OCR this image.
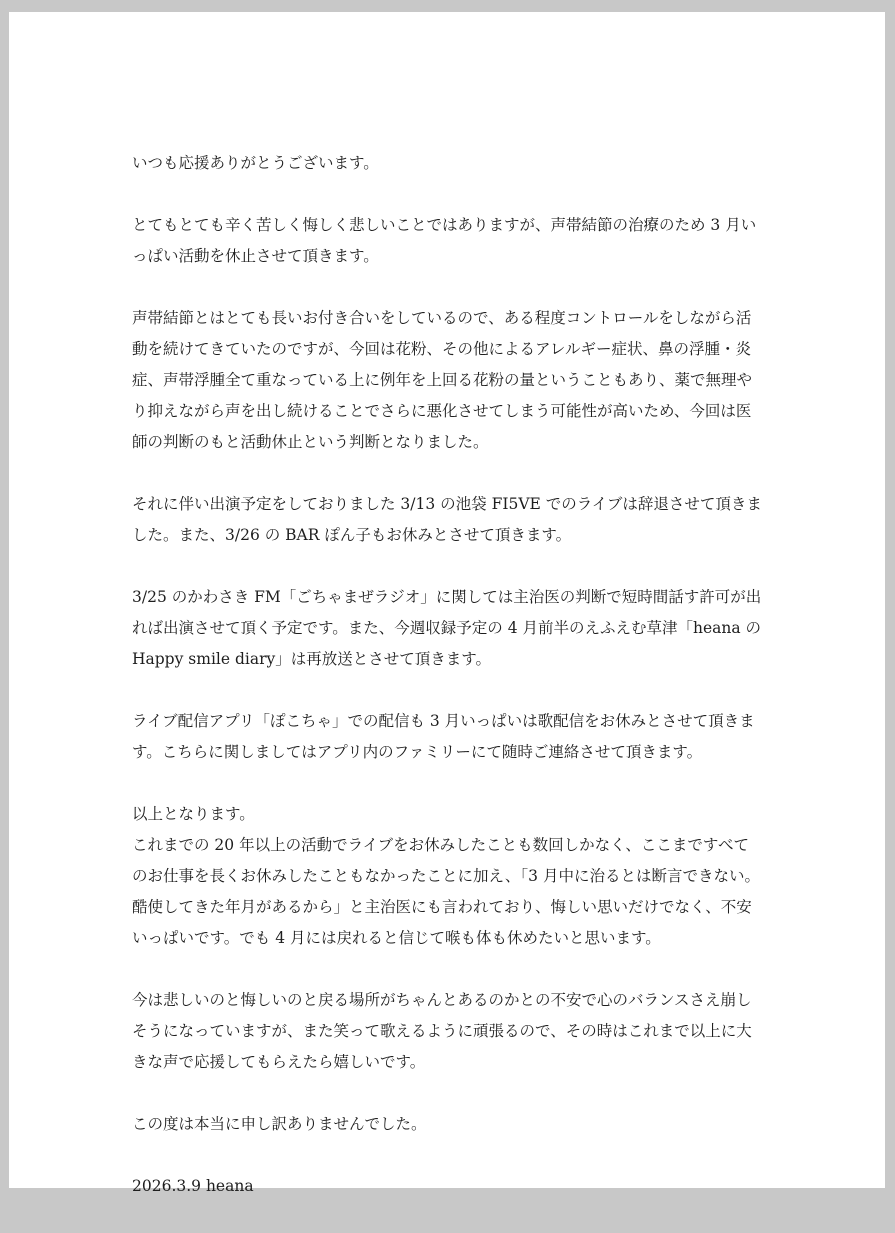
いつも応援ありがとうございます。

とてもとても辛く苦しく悔しく悲しいことではありますが、声帯結節の治療のため 3 月い
っぱい活動を休止させて頂きます。

声帯結節とはとても長いお付き合いをしているので、ある程度コントロールをしながら活
動を続けてきていたのですが、今回は花粉、その他によるアレルギー症状、鼻の浮腫・炎
症、声帯浮腫全て重なっている上に例年を上回る花粉の量ということもあり、薬で無理や
り抑えながら声を出し続けることでさらに悪化させてしまう可能性が高いため、今回は医
師の判断のもと活動休止という判断となりました。

それに伴い出演予定をしておりました 3/13 の池袋 FI5VE でのライブは辞退させて頂きま
した。また、3/26 の BAR ぽん子もお休みとさせて頂きます。

3/25 のかわさき FM「ごちゃまぜラジオ」に関しては主治医の判断で短時間話す許可が出
れば出演させて頂く予定です。また、今週収録予定の 4 月前半のえふえむ草津「heana の
Happy smile diary」は再放送とさせて頂きます。

ライブ配信アプリ「ぽこちゃ」での配信も 3 月いっぱいは歌配信をお休みとさせて頂きま
す。こちらに関しましてはアプリ内のファミリーにて随時ご連絡させて頂きます。

以上となります。

これまでの 20 年以上の活動でライブをお休みしたことも数回しかなく、ここまですべて
のお仕事を長くお休みしたこともなかったことに加え、「3 月中に治るとは断言できない。
酷使してきた年月があるから」と主治医にも言われており、悔しい思いだけでなく、不安
いっぱいです。でも 4 月には戻れると信じて喉も体も休めたいと思います。

今は悲しいのと悔しいのと戻る場所がちゃんとあるのかとの不安で心のバランスさえ崩し
そうになっていますが、また笑って歌えるように頑張るので、その時はこれまで以上に大
きな声で応援してもらえたら嬉しいです。

この度は本当に申し訳ありませんでした。

2026.3.9 heana
